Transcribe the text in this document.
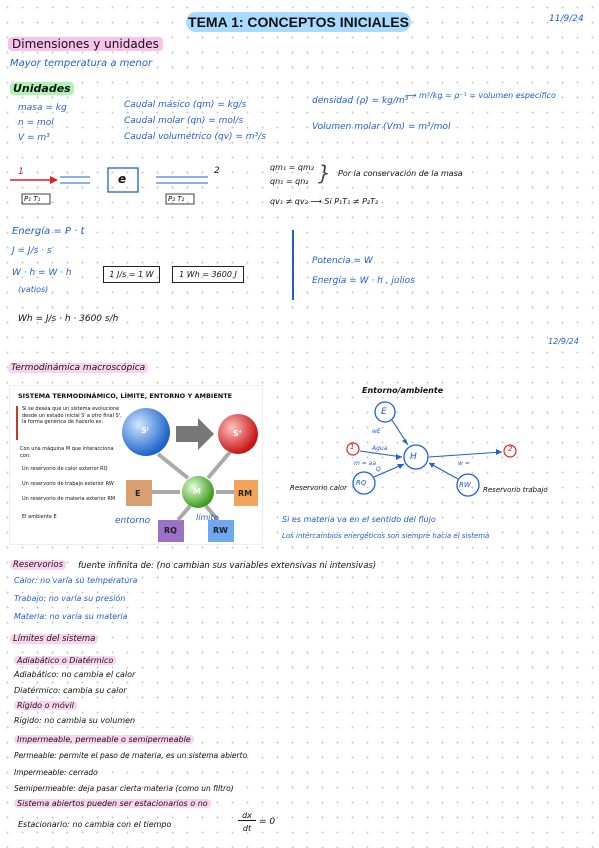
TEMA 1: CONCEPTOS INICIALES	11/9/24
Dimensiones y unidades
Mayor temperatura a menor
Unidades
masa = kg
n = mol
V = m³
Caudal másico (qm) = kg/s
Caudal molar (qn) = mol/s
Caudal volumétrico (qv) = m³/s
densidad (ρ) = kg/m³
⟶ m³/kg = ρ⁻¹ = volumen específico
Volumen molar (Vm) = m³/mol
1
P₁ T₁
e
2
P₂ T₂
qm₁ = qm₂
qn₁ = qn₂ } Por la conservación de la masa
qv₁ ≠ qv₂ ⟶ Si P₁T₁ ≠ P₂T₂
Energía = P · t
J = J/s · s
W · h = W · h
(vatios)
1 J/s = 1 W	1 Wh = 3600 J
Wh = J/s · h · 3600 s/h
Potencia = W
Energía = W · h , julios
12/9/24
Termodinámica macroscópica
SISTEMA TERMODINÁMICO, LÍMITE, ENTORNO Y AMBIENTE
Si se desea que un sistema evolucione desde un estado inicial Sⁱ a otro final Sᶠ, la forma genérica de hacerlo es:
Con una máquina M que interacciona con:
Un reservorio de calor exterior RQ
Un reservorio de trabajo exterior RW
Un reservorio de materia exterior RM
El ambiente E
Sⁱ	Sᶠ
M
E	RM
RQ	RW
entorno	límite
Entorno/ambiente
E
H
RQ	RW
1	2
Reservorio calor	Reservorio trabajo
wE
Agua
m = aa	w =
Q
Si es materia va en el sentido del flujo
Los intercambios energéticos son siempre hacia el sistema
Reservorios	fuente infinita de: (no cambian sus variables extensivas ni intensivas)
Calor: no varía su temperatura
Trabajo: no varía su presión
Materia: no varía su materia
Límites del sistema
Adiabático o Diatérmico
Adiabático: no cambia el calor
Diatérmico: cambia su calor
Rígido o móvil
Rígido: no cambia su volumen
Impermeable, permeable o semipermeable
Permeable: permite el paso de materia, es un sistema abierto
Impermeable: cerrado
Semipermeable: deja pasar cierta materia (como un filtro)
Sistema abiertos pueden ser estacionarios o no
Estacionario: no cambia con el tiempo
dx
dt
= 0
